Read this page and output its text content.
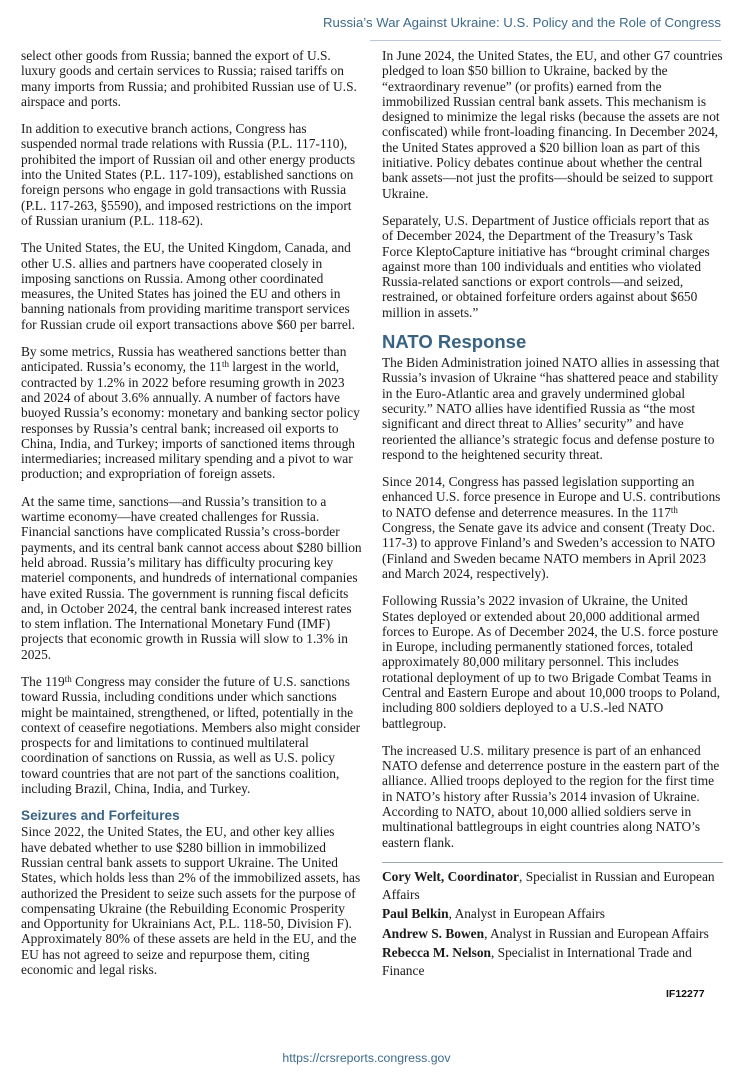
Russia’s War Against Ukraine: U.S. Policy and the Role of Congress

select other goods from Russia; banned the export of U.S. luxury goods and certain services to Russia; raised tariffs on many imports from Russia; and prohibited Russian use of U.S. airspace and ports.

In addition to executive branch actions, Congress has suspended normal trade relations with Russia (P.L. 117-110), prohibited the import of Russian oil and other energy products into the United States (P.L. 117-109), established sanctions on foreign persons who engage in gold transactions with Russia (P.L. 117-263, §5590), and imposed restrictions on the import of Russian uranium (P.L. 118-62).

The United States, the EU, the United Kingdom, Canada, and other U.S. allies and partners have cooperated closely in imposing sanctions on Russia. Among other coordinated measures, the United States has joined the EU and others in banning nationals from providing maritime transport services for Russian crude oil export transactions above $60 per barrel.

By some metrics, Russia has weathered sanctions better than anticipated. Russia’s economy, the 11th largest in the world, contracted by 1.2% in 2022 before resuming growth in 2023 and 2024 of about 3.6% annually. A number of factors have buoyed Russia’s economy: monetary and banking sector policy responses by Russia’s central bank; increased oil exports to China, India, and Turkey; imports of sanctioned items through intermediaries; increased military spending and a pivot to war production; and expropriation of foreign assets.

At the same time, sanctions—and Russia’s transition to a wartime economy—have created challenges for Russia. Financial sanctions have complicated Russia’s cross-border payments, and its central bank cannot access about $280 billion held abroad. Russia’s military has difficulty procuring key materiel components, and hundreds of international companies have exited Russia. The government is running fiscal deficits and, in October 2024, the central bank increased interest rates to stem inflation. The International Monetary Fund (IMF) projects that economic growth in Russia will slow to 1.3% in 2025.

The 119th Congress may consider the future of U.S. sanctions toward Russia, including conditions under which sanctions might be maintained, strengthened, or lifted, potentially in the context of ceasefire negotiations. Members also might consider prospects for and limitations to continued multilateral coordination of sanctions on Russia, as well as U.S. policy toward countries that are not part of the sanctions coalition, including Brazil, China, India, and Turkey.

Seizures and Forfeitures

Since 2022, the United States, the EU, and other key allies have debated whether to use $280 billion in immobilized Russian central bank assets to support Ukraine. The United States, which holds less than 2% of the immobilized assets, has authorized the President to seize such assets for the purpose of compensating Ukraine (the Rebuilding Economic Prosperity and Opportunity for Ukrainians Act, P.L. 118-50, Division F). Approximately 80% of these assets are held in the EU, and the EU has not agreed to seize and repurpose them, citing economic and legal risks.

In June 2024, the United States, the EU, and other G7 countries pledged to loan $50 billion to Ukraine, backed by the “extraordinary revenue” (or profits) earned from the immobilized Russian central bank assets. This mechanism is designed to minimize the legal risks (because the assets are not confiscated) while front-loading financing. In December 2024, the United States approved a $20 billion loan as part of this initiative. Policy debates continue about whether the central bank assets—not just the profits—should be seized to support Ukraine.

Separately, U.S. Department of Justice officials report that as of December 2024, the Department of the Treasury’s Task Force KleptoCapture initiative has “brought criminal charges against more than 100 individuals and entities who violated Russia-related sanctions or export controls—and seized, restrained, or obtained forfeiture orders against about $650 million in assets.”

NATO Response

The Biden Administration joined NATO allies in assessing that Russia’s invasion of Ukraine “has shattered peace and stability in the Euro-Atlantic area and gravely undermined global security.” NATO allies have identified Russia as “the most significant and direct threat to Allies’ security” and have reoriented the alliance’s strategic focus and defense posture to respond to the heightened security threat.

Since 2014, Congress has passed legislation supporting an enhanced U.S. force presence in Europe and U.S. contributions to NATO defense and deterrence measures. In the 117th Congress, the Senate gave its advice and consent (Treaty Doc. 117-3) to approve Finland’s and Sweden’s accession to NATO (Finland and Sweden became NATO members in April 2023 and March 2024, respectively).

Following Russia’s 2022 invasion of Ukraine, the United States deployed or extended about 20,000 additional armed forces to Europe. As of December 2024, the U.S. force posture in Europe, including permanently stationed forces, totaled approximately 80,000 military personnel. This includes rotational deployment of up to two Brigade Combat Teams in Central and Eastern Europe and about 10,000 troops to Poland, including 800 soldiers deployed to a U.S.-led NATO battlegroup.

The increased U.S. military presence is part of an enhanced NATO defense and deterrence posture in the eastern part of the alliance. Allied troops deployed to the region for the first time in NATO’s history after Russia’s 2014 invasion of Ukraine. According to NATO, about 10,000 allied soldiers serve in multinational battlegroups in eight countries along NATO’s eastern flank.

Cory Welt, Coordinator, Specialist in Russian and European Affairs
Paul Belkin, Analyst in European Affairs
Andrew S. Bowen, Analyst in Russian and European Affairs
Rebecca M. Nelson, Specialist in International Trade and Finance
IF12277
https://crsreports.congress.gov
